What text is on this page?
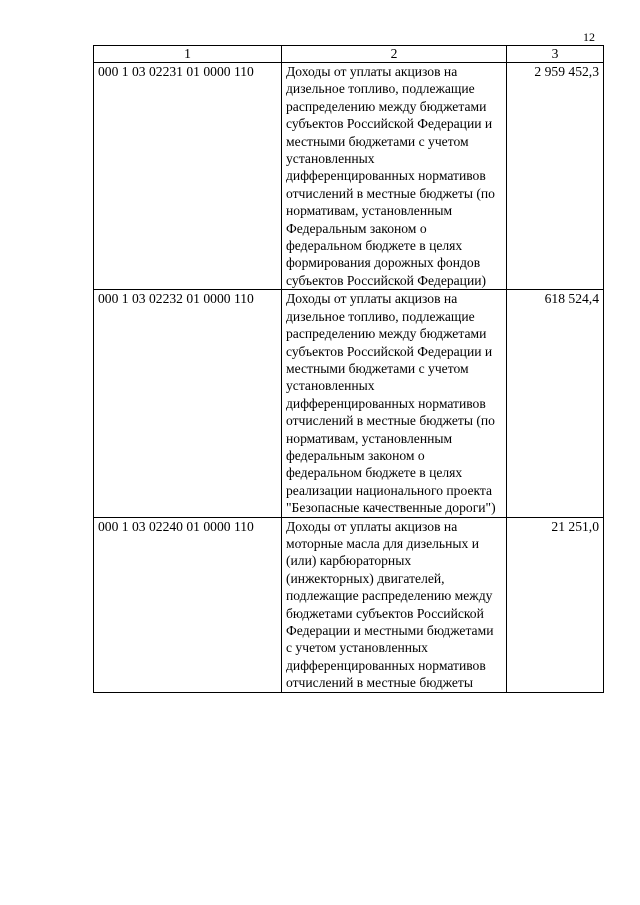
12
1	2	3
000 1 03 02231 01 0000 110	Доходы от уплаты акцизов на дизельное топливо, подлежащие распределению между бюджетами субъектов Российской Федерации и местными бюджетами с учетом установленных дифференцированных нормативов отчислений в местные бюджеты (по нормативам, установленным Федеральным законом о федеральном бюджете в целях формирования дорожных фондов субъектов Российской Федерации)	2 959 452,3
000 1 03 02232 01 0000 110	Доходы от уплаты акцизов на дизельное топливо, подлежащие распределению между бюджетами субъектов Российской Федерации и местными бюджетами с учетом установленных дифференцированных нормативов отчислений в местные бюджеты (по нормативам, установленным федеральным законом о федеральном бюджете в целях реализации национального проекта "Безопасные качественные дороги")	618 524,4
000 1 03 02240 01 0000 110	Доходы от уплаты акцизов на моторные масла для дизельных и (или) карбюраторных (инжекторных) двигателей, подлежащие распределению между бюджетами субъектов Российской Федерации и местными бюджетами с учетом установленных дифференцированных нормативов отчислений в местные бюджеты	21 251,0
